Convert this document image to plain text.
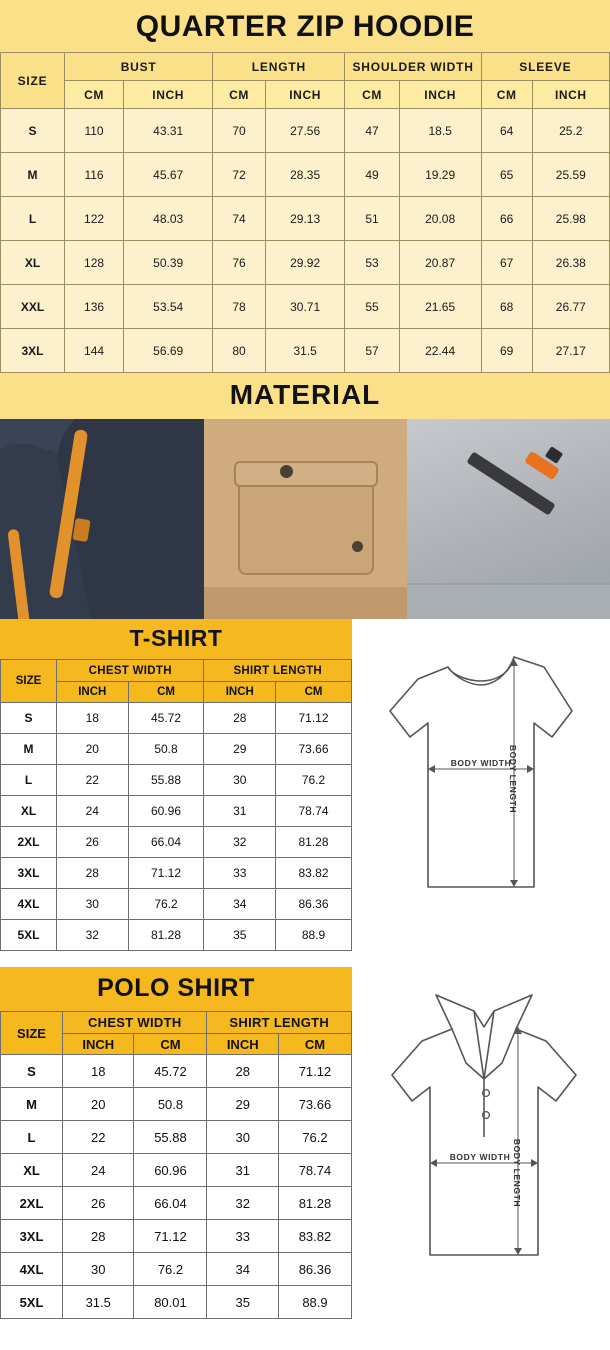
QUARTER ZIP HOODIE
SIZE	BUST		LENGTH		SHOULDER WIDTH		SLEEVE	
	CM	INCH	CM	INCH	CM	INCH	CM	INCH
S	110	43.31	70	27.56	47	18.5	64	25.2
M	116	45.67	72	28.35	49	19.29	65	25.59
L	122	48.03	74	29.13	51	20.08	66	25.98
XL	128	50.39	76	29.92	53	20.87	67	26.38
XXL	136	53.54	78	30.71	55	21.65	68	26.77
3XL	144	56.69	80	31.5	57	22.44	69	27.17
MATERIAL
T-SHIRT
SIZE	CHEST WIDTH		SHIRT LENGTH	
	INCH	CM	INCH	CM
S	18	45.72	28	71.12
M	20	50.8	29	73.66
L	22	55.88	30	76.2
XL	24	60.96	31	78.74
2XL	26	66.04	32	81.28
3XL	28	71.12	33	83.82
4XL	30	76.2	34	86.36
5XL	32	81.28	35	88.9
BODY WIDTH
BODY LENGTH
POLO SHIRT
SIZE	CHEST WIDTH		SHIRT LENGTH	
	INCH	CM	INCH	CM
S	18	45.72	28	71.12
M	20	50.8	29	73.66
L	22	55.88	30	76.2
XL	24	60.96	31	78.74
2XL	26	66.04	32	81.28
3XL	28	71.12	33	83.82
4XL	30	76.2	34	86.36
5XL	31.5	80.01	35	88.9
BODY WIDTH BODY LENGTH
